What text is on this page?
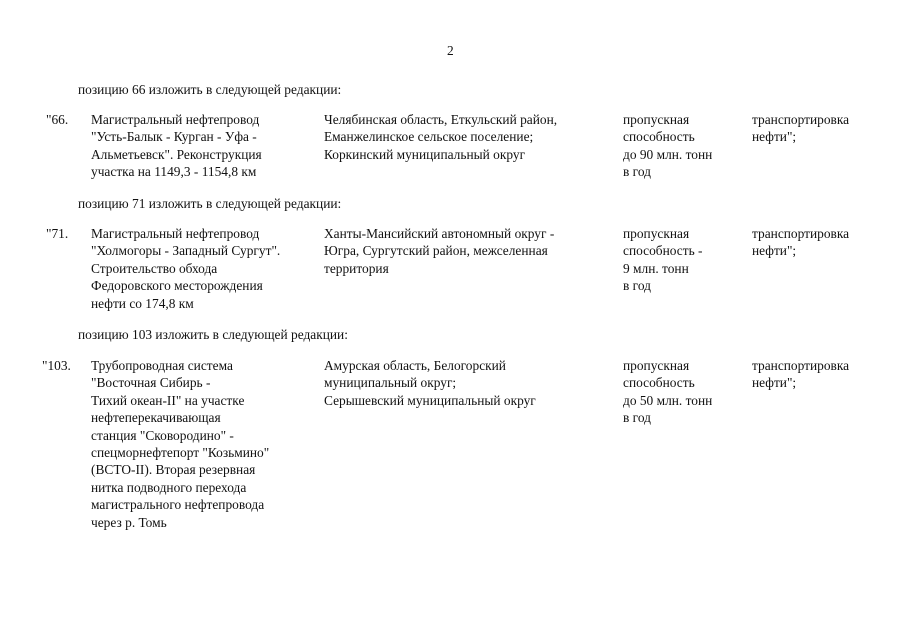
2
позицию 66 изложить в следующей редакции:
"66. Магистральный нефтепровод
"Усть-Балык - Курган - Уфа -
Альметьевск". Реконструкция
участка на 1149,3 - 1154,8 км
Челябинская область, Еткульский район,
Еманжелинское сельское поселение;
Коркинский муниципальный округ
пропускная
способность
до 90 млн. тонн
в год
транспортировка
нефти";
позицию 71 изложить в следующей редакции:
"71. Магистральный нефтепровод
"Холмогоры - Западный Сургут".
Строительство обхода
Федоровского месторождения
нефти со 174,8 км
Ханты-Мансийский автономный округ -
Югра, Сургутский район, межселенная
территория
пропускная
способность -
9 млн. тонн
в год
транспортировка
нефти";
позицию 103 изложить в следующей редакции:
"103. Трубопроводная система
"Восточная Сибирь -
Тихий океан-II" на участке
нефтеперекачивающая
станция "Сковородино" -
спецморнефтепорт "Козьмино"
(ВСТО-II). Вторая резервная
нитка подводного перехода
магистрального нефтепровода
через р. Томь
Амурская область, Белогорский
муниципальный округ;
Серышевский муниципальный округ
пропускная
способность
до 50 млн. тонн
в год
транспортировка
нефти";
